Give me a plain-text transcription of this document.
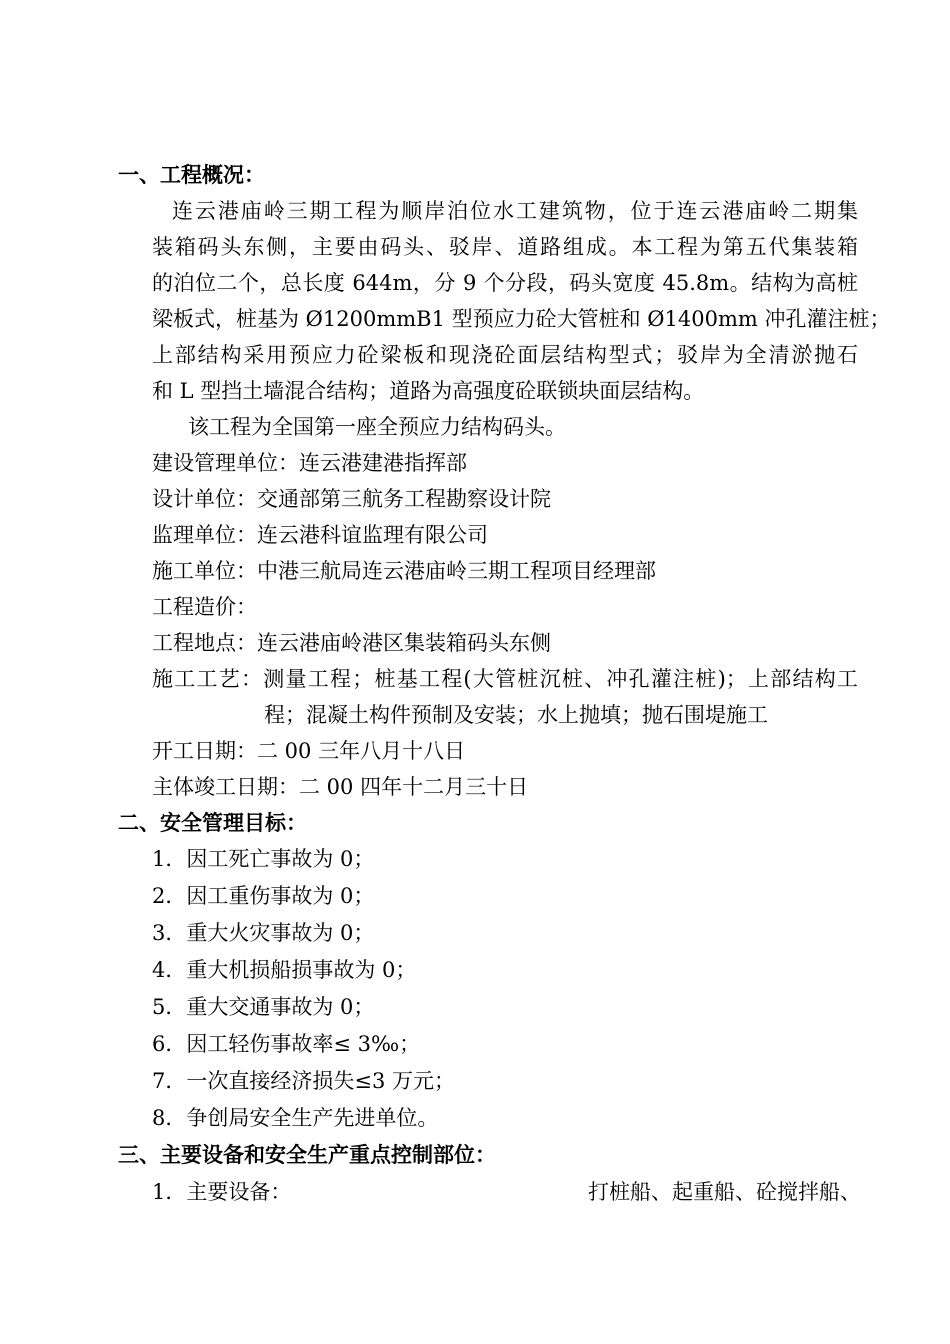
一、工程概况：
连云港庙岭三期工程为顺岸泊位水工建筑物，位于连云港庙岭二期集
装箱码头东侧，主要由码头、驳岸、道路组成。本工程为第五代集装箱
的泊位二个，总长度 644m，分 9 个分段，码头宽度 45.8m。结构为高桩
梁板式，桩基为 Ø1200mmB1 型预应力砼大管桩和 Ø1400mm 冲孔灌注桩；
上部结构采用预应力砼梁板和现浇砼面层结构型式；驳岸为全清淤抛石
和 L 型挡土墙混合结构；道路为高强度砼联锁块面层结构。
该工程为全国第一座全预应力结构码头。
建设管理单位：连云港建港指挥部
设计单位：交通部第三航务工程勘察设计院
监理单位：连云港科谊监理有限公司
施工单位：中港三航局连云港庙岭三期工程项目经理部
工程造价：
工程地点：连云港庙岭港区集装箱码头东侧
施工工艺：测量工程；桩基工程(大管桩沉桩、冲孔灌注桩)；上部结构工
程；混凝土构件预制及安装；水上抛填；抛石围堤施工
开工日期：二 00 三年八月十八日
主体竣工日期：二 00 四年十二月三十日
二、安全管理目标：
1．因工死亡事故为 0；
2．因工重伤事故为 0；
3．重大火灾事故为 0；
4．重大机损船损事故为 0；
5．重大交通事故为 0；
6．因工轻伤事故率≤ 3‰；
7．一次直接经济损失≤3 万元；
8．争创局安全生产先进单位。
三、主要设备和安全生产重点控制部位：
1．主要设备：	打桩船、起重船、砼搅拌船、
